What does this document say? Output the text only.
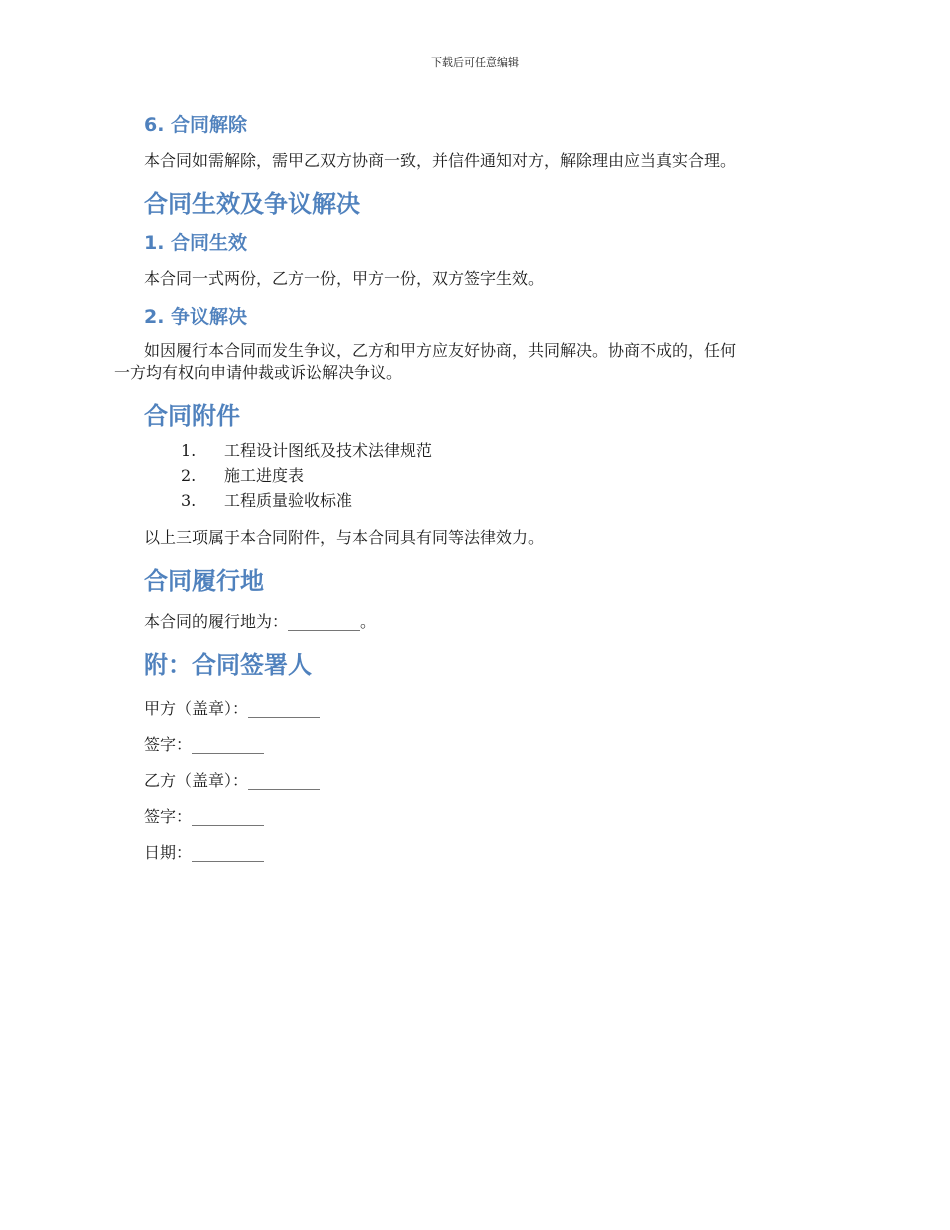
下载后可任意编辑
6. 合同解除

本合同如需解除，需甲乙双方协商一致，并信件通知对方，解除理由应当真实合理。

合同生效及争议解决
1. 合同生效

本合同一式两份，乙方一份，甲方一份，双方签字生效。

2. 争议解决

如因履行本合同而发生争议，乙方和甲方应友好协商，共同解决。协商不成的，任何

一方均有权向申请仲裁或诉讼解决争议。

合同附件
1. 工程设计图纸及技术法律规范
2. 施工进度表
3. 工程质量验收标准

以上三项属于本合同附件，与本合同具有同等法律效力。

合同履行地

本合同的履行地为：_________。

附：合同签署人

甲方（盖章）：_________

签字：_________

乙方（盖章）：_________

签字：_________

日期：_________
